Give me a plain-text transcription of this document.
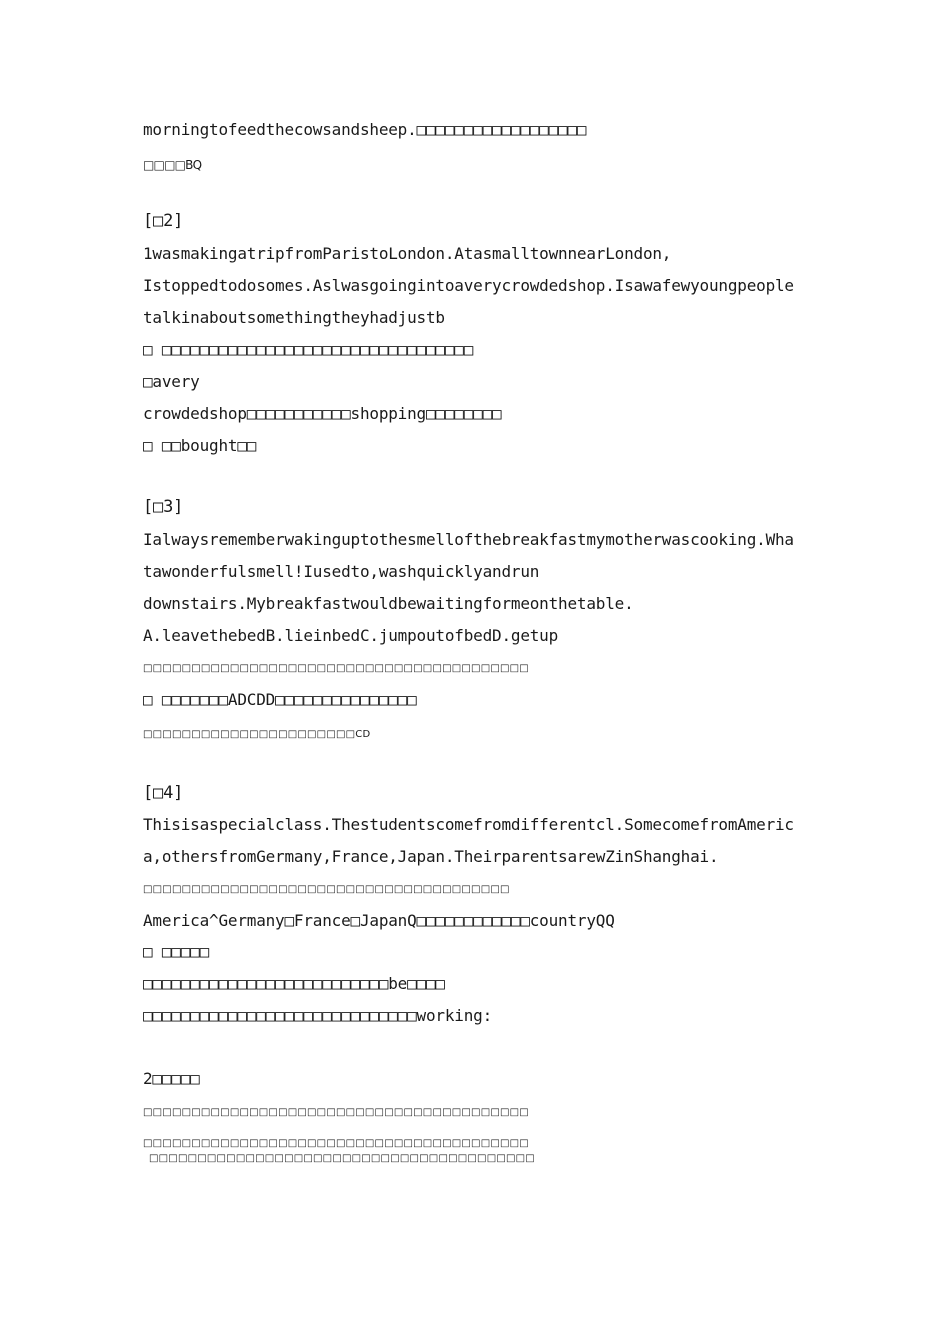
morningtofeedthecowsandsheep.□□□□□□□□□□□□□□□□□□
□□□□BQ
[□2]
1wasmakingatripfromParistoLondon.AtasmalltownnearLondon,
Istoppedtodosomes.Aslwasgoingintoaverycrowdedshop.Isawafewyoungpeople
talkinaboutsomethingtheyhadjustb
□ □□□□□□□□□□□□□□□□□□□□□□□□□□□□□□□□□
□avery
crowdedshop□□□□□□□□□□□shopping□□□□□□□□
□ □□bought□□
[□3]
Ialwaysrememberwakinguptothesmellofthebreakfastmymotherwascooking.Wha
tawonderfulsmell!Iusedto,washquicklyandrun
downstairs.Mybreakfastwouldbewaitingformeonthetable.
A.leavethebedB.lieinbedC.jumpoutofbedD.getup
□□□□□□□□□□□□□□□□□□□□□□□□□□□□□□□□□□□□□□□□
□ □□□□□□□ADCDD□□□□□□□□□□□□□□□
□□□□□□□□□□□□□□□□□□□□□□CD
[□4]
Thisisaspecialclass.Thestudentscomefromdifferentcl.SomecomefromAmeric
a,othersfromGermany,France,Japan.TheirparentsarewZinShanghai.
□□□□□□□□□□□□□□□□□□□□□□□□□□□□□□□□□□□□□□
America^Germany□France□JapanQ□□□□□□□□□□□□countryQQ
□ □□□□□
□□□□□□□□□□□□□□□□□□□□□□□□□□be□□□□
□□□□□□□□□□□□□□□□□□□□□□□□□□□□□working:
2□□□□□
□□□□□□□□□□□□□□□□□□□□□□□□□□□□□□□□□□□□□□□□
□□□□□□□□□□□□□□□□□□□□□□□□□□□□□□□□□□□□□□□□
□□□□□□□□□□□□□□□□□□□□□□□□□□□□□□□□□□□□□□□□
